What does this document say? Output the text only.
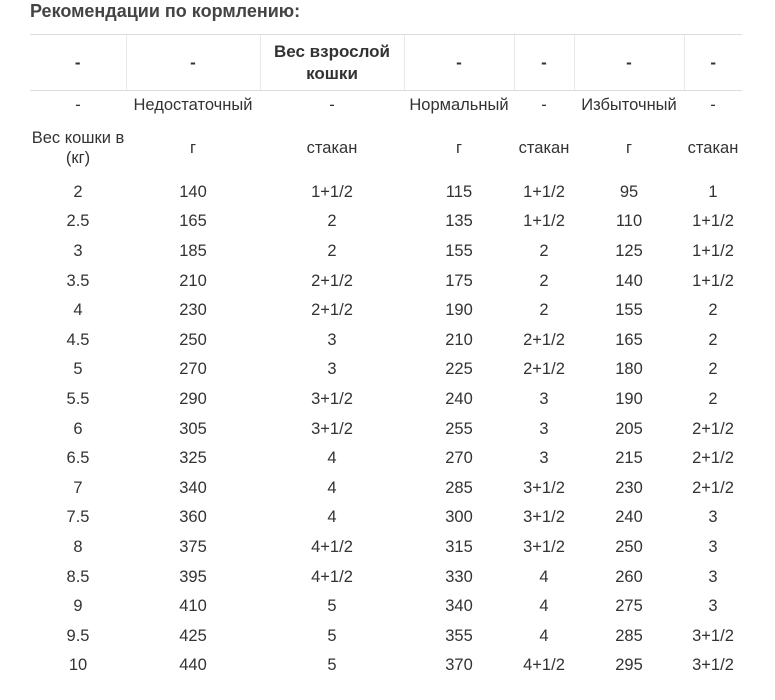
Рекомендации по кормлению:
-	-	Вес взрослой кошки	-	-	-	-
-	Недостаточный	-	Нормальный	-	Избыточный	-
Вес кошки в (кг)	г	стакан	г	стакан	г	стакан
2	140	1+1/2	115	1+1/2	95	1
2.5	165	2	135	1+1/2	110	1+1/2
3	185	2	155	2	125	1+1/2
3.5	210	2+1/2	175	2	140	1+1/2
4	230	2+1/2	190	2	155	2
4.5	250	3	210	2+1/2	165	2
5	270	3	225	2+1/2	180	2
5.5	290	3+1/2	240	3	190	2
6	305	3+1/2	255	3	205	2+1/2
6.5	325	4	270	3	215	2+1/2
7	340	4	285	3+1/2	230	2+1/2
7.5	360	4	300	3+1/2	240	3
8	375	4+1/2	315	3+1/2	250	3
8.5	395	4+1/2	330	4	260	3
9	410	5	340	4	275	3
9.5	425	5	355	4	285	3+1/2
10	440	5	370	4+1/2	295	3+1/2
